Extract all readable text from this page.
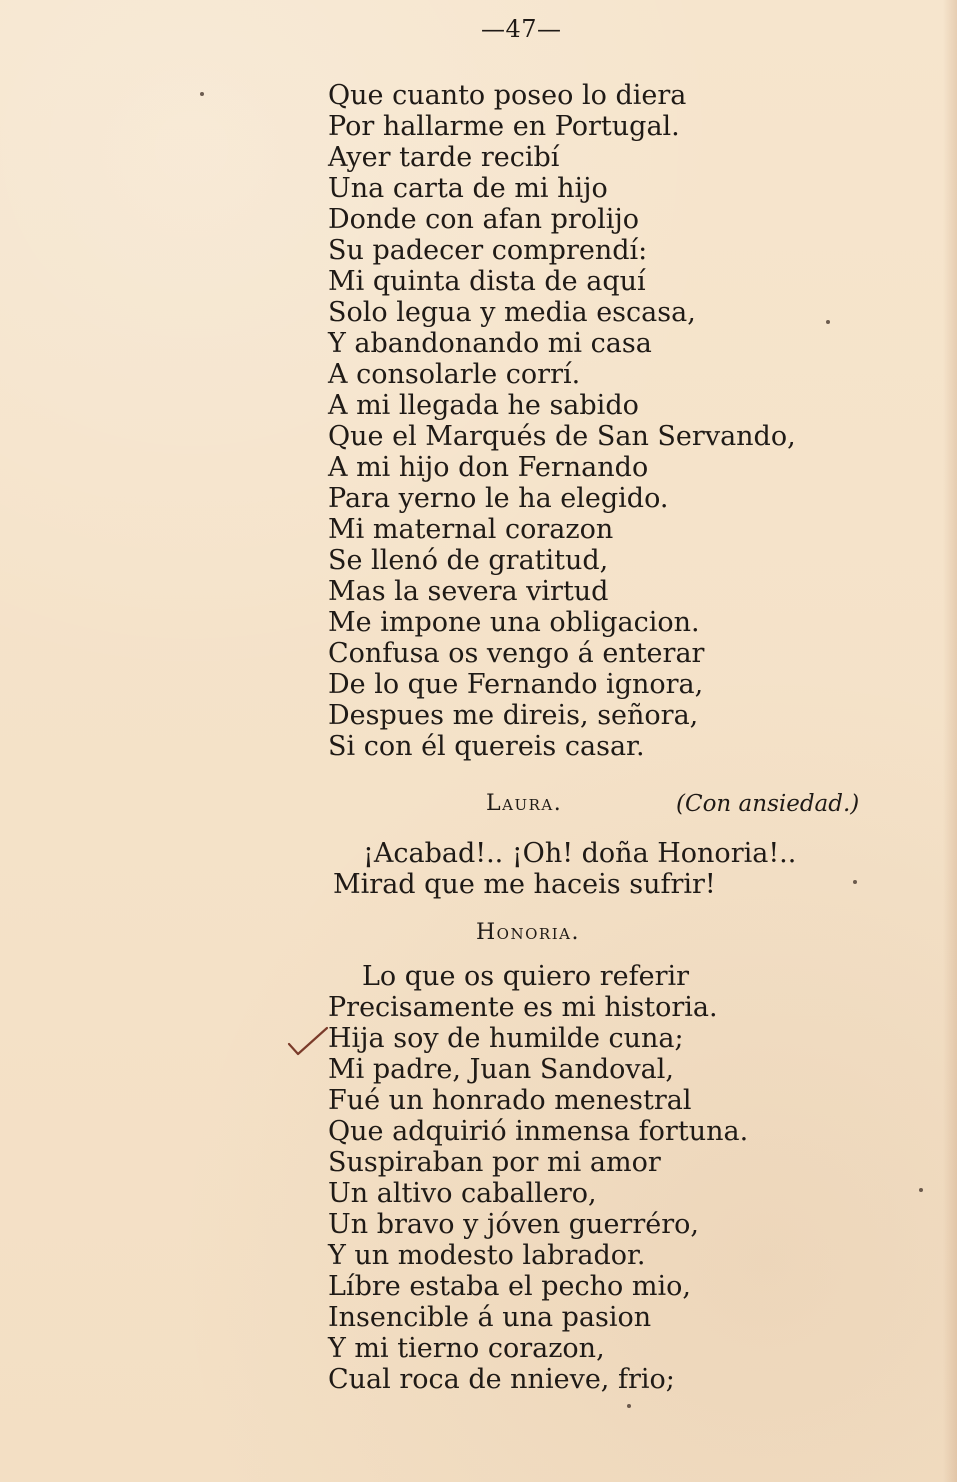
—47—
Que cuanto poseo lo diera
Por hallarme en Portugal.
Ayer tarde recibí
Una carta de mi hijo
Donde con afan prolijo
Su padecer comprendí:
Mi quinta dista de aquí
Solo legua y media escasa,
Y abandonando mi casa
A consolarle corrí.
A mi llegada he sabido
Que el Marqués de San Servando,
A mi hijo don Fernando
Para yerno le ha elegido.
Mi maternal corazon
Se llenó de gratitud,
Mas la severa virtud
Me impone una obligacion.
Confusa os vengo á enterar
De lo que Fernando ignora,
Despues me direis, señora,
Si con él quereis casar.
Laura.	(Con ansiedad.)
¡Acabad!.. ¡Oh! doña Honoria!..
Mirad que me haceis sufrir!
Honoria.
Lo que os quiero referir
Precisamente es mi historia.
Hija soy de humilde cuna;
Mi padre, Juan Sandoval,
Fué un honrado menestral
Que adquirió inmensa fortuna.
Suspiraban por mi amor
Un altivo caballero,
Un bravo y jóven guerréro,
Y un modesto labrador.
Líbre estaba el pecho mio,
Insencible á una pasion
Y mi tierno corazon,
Cual roca de nnieve, frio;
